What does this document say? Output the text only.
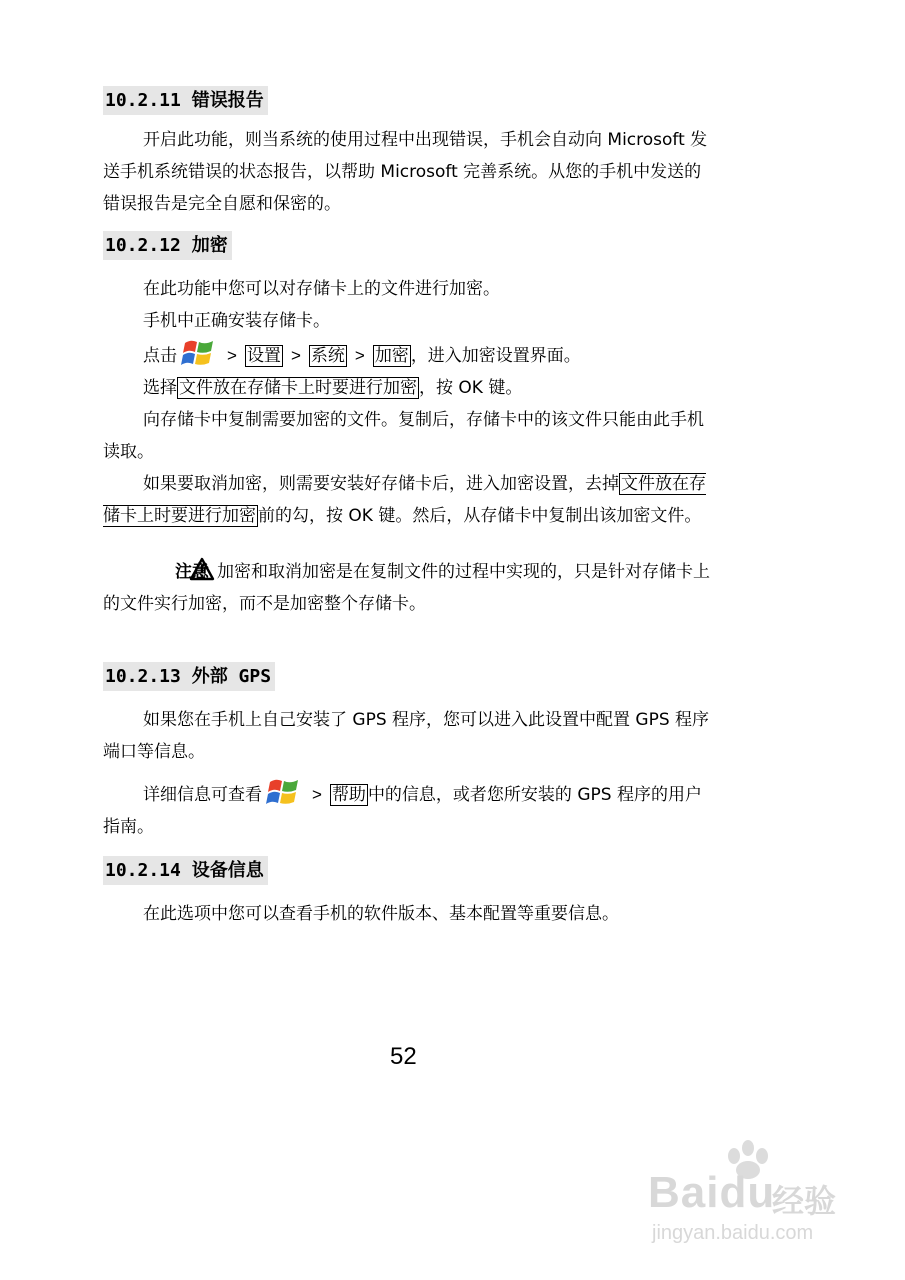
10.2.11 错误报告

开启此功能，则当系统的使用过程中出现错误，手机会自动向 Microsoft 发送手机系统错误的状态报告，以帮助 Microsoft 完善系统。从您的手机中发送的错误报告是完全自愿和保密的。

10.2.12 加密

在此功能中您可以对存储卡上的文件进行加密。

手机中正确安装存储卡。

点击	> 设置 > 系统 > 加密 ，进入加密设置界面。

选择 文件放在存储卡上时要进行加密 ，按 OK 键。

向存储卡中复制需要加密的文件。复制后，存储卡中的该文件只能由此手机读取。

如果要取消加密，则需要安装好存储卡后，进入加密设置，去掉 文件放在存储卡上时要进行加密 前的勾，按 OK 键。然后，从存储卡中复制出该加密文件。

注意 加密和取消加密是在复制文件的过程中实现的，只是针对存储卡上的文件实行加密，而不是加密整个存储卡。

10.2.13 外部 GPS

如果您在手机上自己安装了 GPS 程序，您可以进入此设置中配置 GPS 程序端口等信息。

详细信息可查看	> 帮助 中的信息，或者您所安装的 GPS 程序的用户指南。

10.2.14 设备信息

在此选项中您可以查看手机的软件版本、基本配置等重要信息。

52
Baidu
经验
jingyan.baidu.com
